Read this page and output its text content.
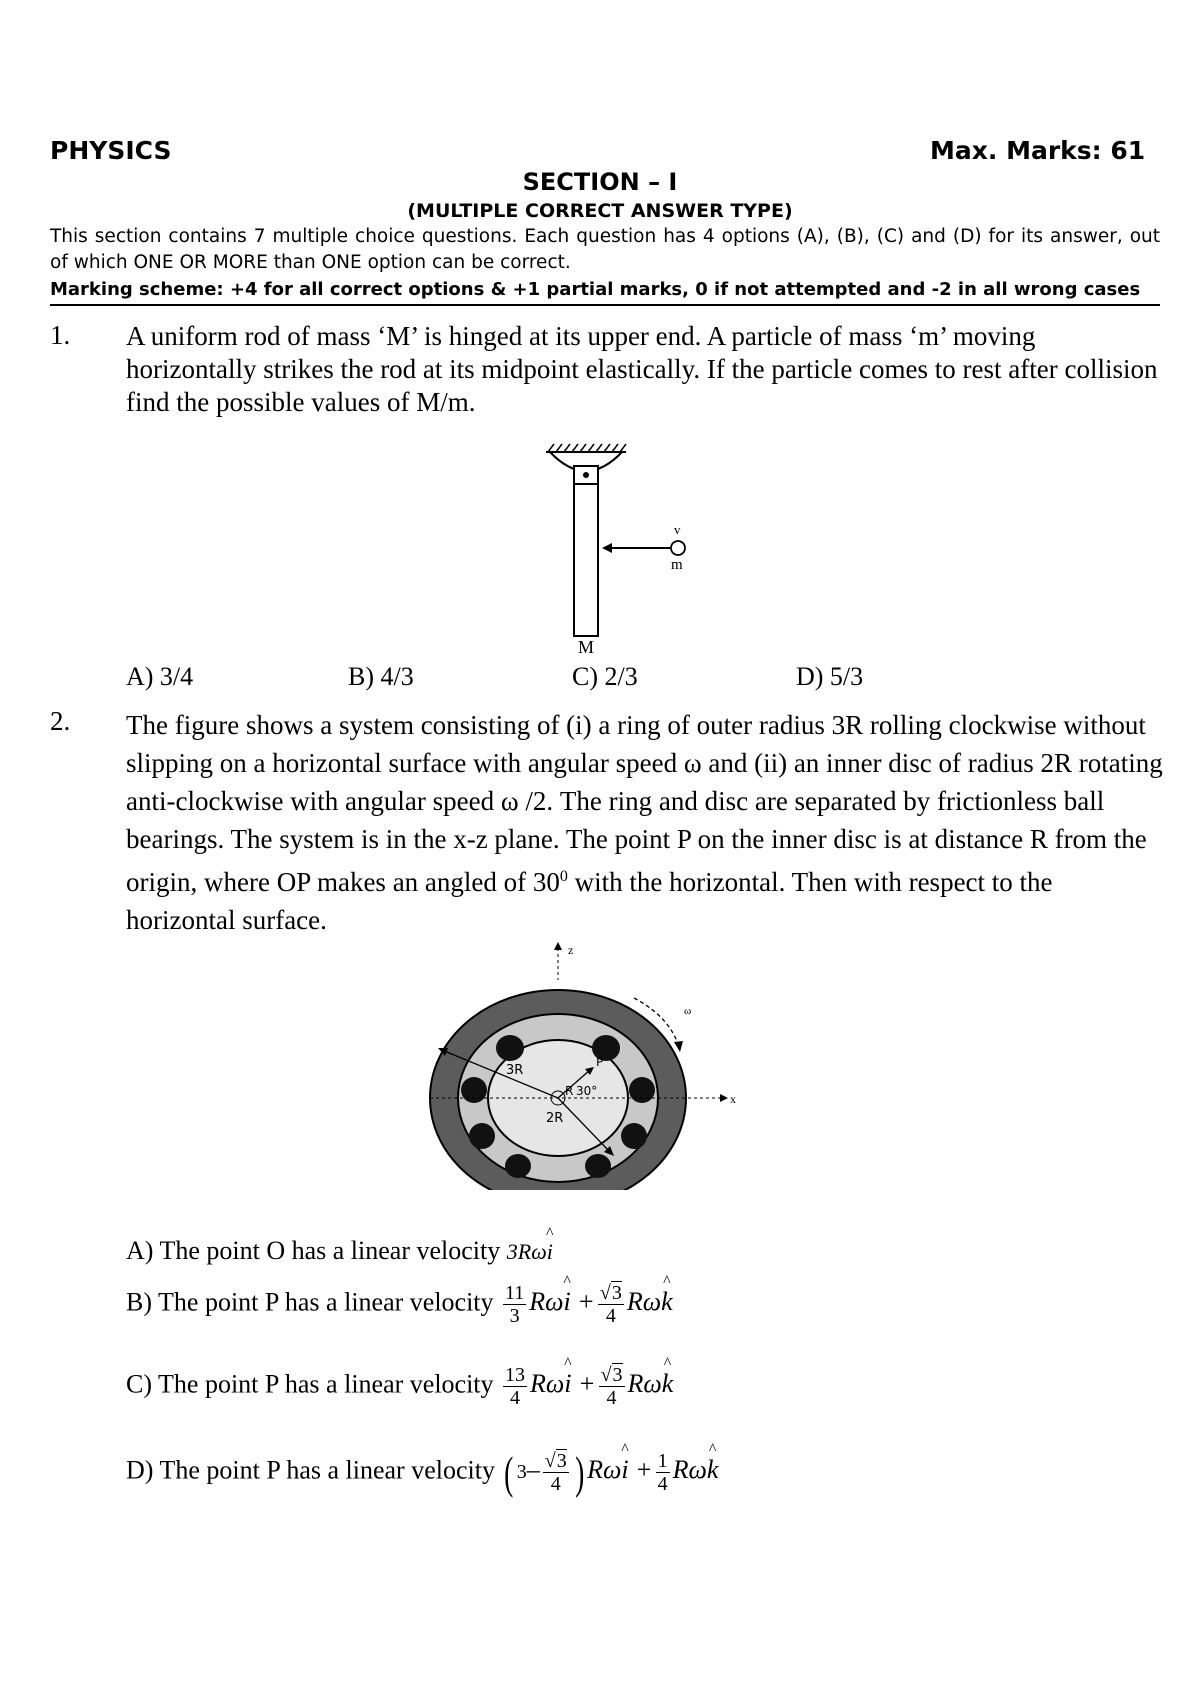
PHYSICS	Max. Marks: 61
SECTION – I
(MULTIPLE CORRECT ANSWER TYPE)
This section contains 7 multiple choice questions. Each question has 4 options (A), (B), (C) and (D) for its answer, out of which ONE OR MORE than ONE option can be correct.
Marking scheme: +4 for all correct options & +1 partial marks, 0 if not attempted and -2 in all wrong cases
1. A uniform rod of mass ‘M’ is hinged at its upper end. A particle of mass ‘m’ moving horizontally strikes the rod at its midpoint elastically. If the particle comes to rest after collision find the possible values of M/m.
v
m
M
A) 3/4	B) 4/3	C) 2/3	D) 5/3
2. The figure shows a system consisting of (i) a ring of outer radius 3R rolling clockwise without slipping on a horizontal surface with angular speed ω and (ii) an inner disc of radius 2R rotating anti-clockwise with angular speed ω /2. The ring and disc are separated by frictionless ball bearings. The system is in the x-z plane. The point P on the inner disc is at distance R from the origin, where OP makes an angled of $30^0$ with the horizontal. Then with respect to the horizontal surface.
z
x
3R
2R
R 30°
P
ω
A) The point O has a linear velocity 3Rω^ i
B) The point P has a linear velocity $\frac{11}{3}$ Rω^ $i + \frac{√3}{4}$ Rω^ k
C) The point P has a linear velocity $\frac{13}{4}$ Rω^ $i + \frac{√3}{4}$ Rω^ k
D) The point P has a linear velocity ( $3- \frac{√3}{4}$ ) Rω^ $i + \frac{1}{4}$ Rω^ k
